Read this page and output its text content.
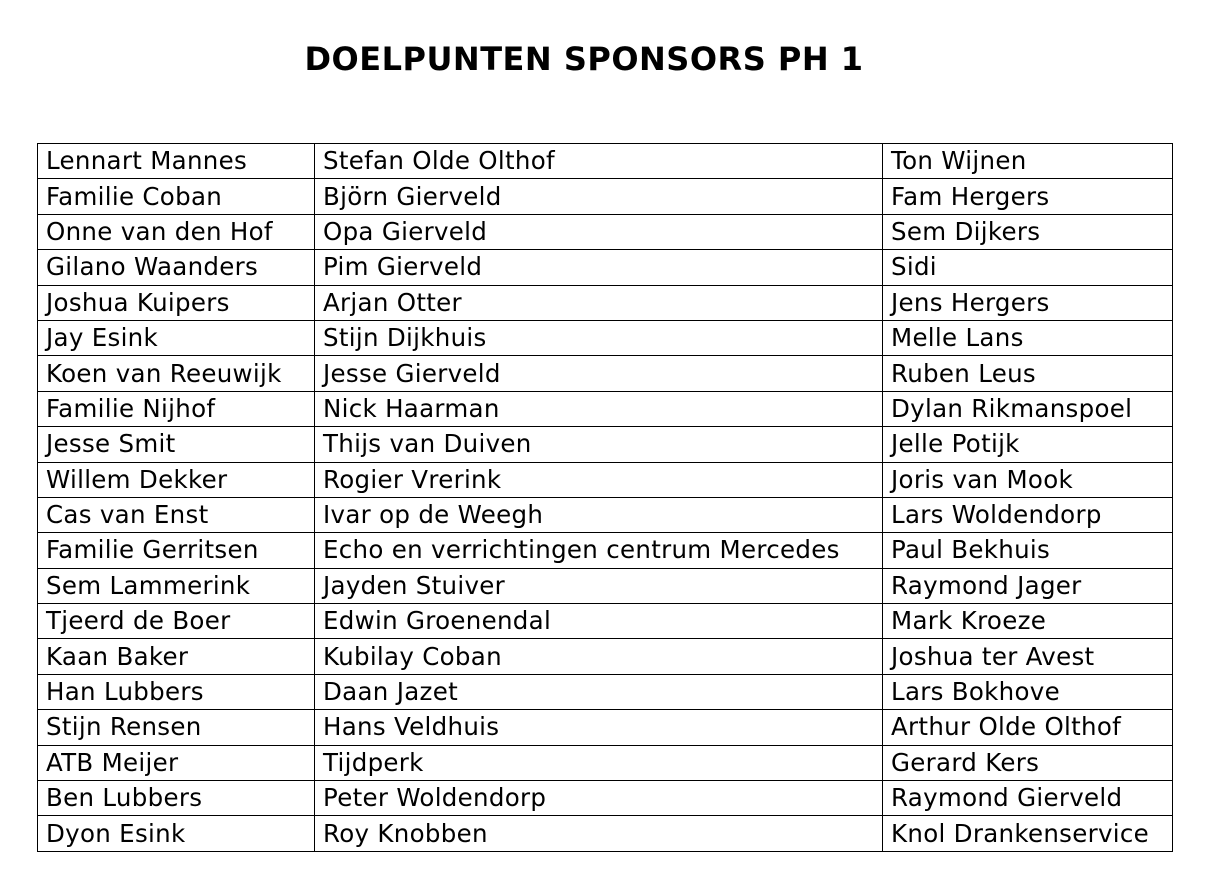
DOELPUNTEN SPONSORS PH 1
Lennart Mannes	Stefan Olde Olthof	Ton Wijnen
Familie Coban	Björn Gierveld	Fam Hergers
Onne van den Hof	Opa Gierveld	Sem Dijkers
Gilano Waanders	Pim Gierveld	Sidi
Joshua Kuipers	Arjan Otter	Jens Hergers
Jay Esink	Stijn Dijkhuis	Melle Lans
Koen van Reeuwijk	Jesse Gierveld	Ruben Leus
Familie Nijhof	Nick Haarman	Dylan Rikmanspoel
Jesse Smit	Thijs van Duiven	Jelle Potijk
Willem Dekker	Rogier Vrerink	Joris van Mook
Cas van Enst	Ivar op de Weegh	Lars Woldendorp
Familie Gerritsen	Echo en verrichtingen centrum Mercedes	Paul Bekhuis
Sem Lammerink	Jayden Stuiver	Raymond Jager
Tjeerd de Boer	Edwin Groenendal	Mark Kroeze
Kaan Baker	Kubilay Coban	Joshua ter Avest
Han Lubbers	Daan Jazet	Lars Bokhove
Stijn Rensen	Hans Veldhuis	Arthur Olde Olthof
ATB Meijer	Tijdperk	Gerard Kers
Ben Lubbers	Peter Woldendorp	Raymond Gierveld
Dyon Esink	Roy Knobben	Knol Drankenservice
